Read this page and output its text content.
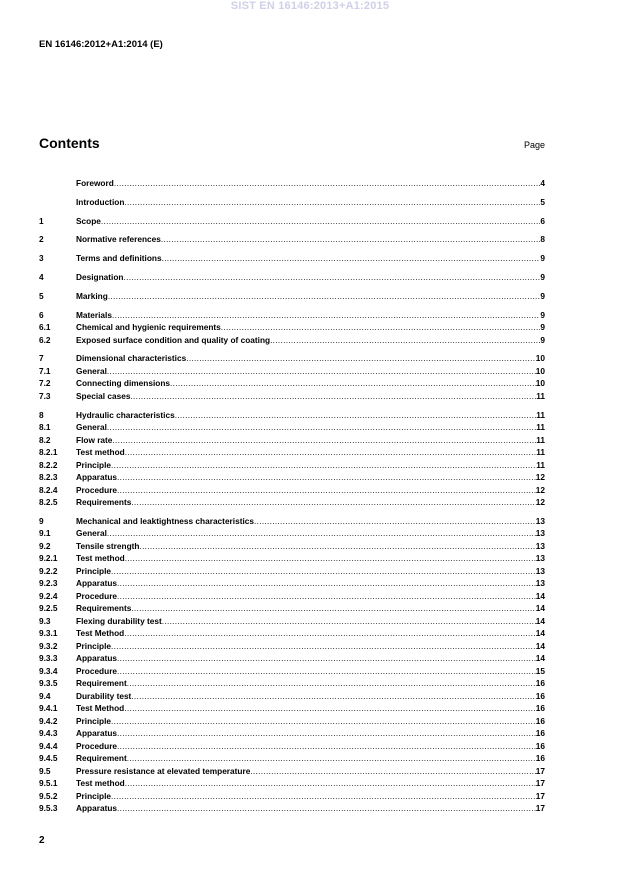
SIST EN 16146:2013+A1:2015
EN 16146:2012+A1:2014 (E)
Contents	Page
Foreword .....	4
Introduction .....	5
1	Scope .....	6
2	Normative references .....	8
3	Terms and definitions .....	9
4	Designation .....	9
5	Marking .....	9
6	Materials .....	9
6.1	Chemical and hygienic requirements .....	9
6.2	Exposed surface condition and quality of coating .....	9
7	Dimensional characteristics .....	10
7.1	General .....	10
7.2	Connecting dimensions .....	10
7.3	Special cases .....	11
8	Hydraulic characteristics .....	11
8.1	General .....	11
8.2	Flow rate .....	11
8.2.1	Test method .....	11
8.2.2	Principle .....	11
8.2.3	Apparatus .....	12
8.2.4	Procedure .....	12
8.2.5	Requirements .....	12
9	Mechanical and leaktightness characteristics .....	13
9.1	General .....	13
9.2	Tensile strength .....	13
9.2.1	Test method .....	13
9.2.2	Principle .....	13
9.2.3	Apparatus .....	13
9.2.4	Procedure .....	14
9.2.5	Requirements .....	14
9.3	Flexing durability test .....	14
9.3.1	Test Method .....	14
9.3.2	Principle .....	14
9.3.3	Apparatus .....	14
9.3.4	Procedure .....	15
9.3.5	Requirement .....	16
9.4	Durability test .....	16
9.4.1	Test Method .....	16
9.4.2	Principle .....	16
9.4.3	Apparatus .....	16
9.4.4	Procedure .....	16
9.4.5	Requirement .....	16
9.5	Pressure resistance at elevated temperature .....	17
9.5.1	Test method .....	17
9.5.2	Principle .....	17
9.5.3	Apparatus .....	17
2
